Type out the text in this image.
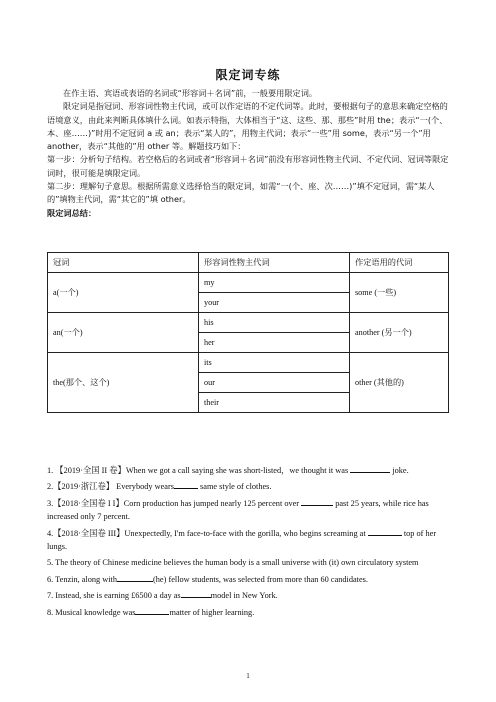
限定词专练

在作主语、宾语或表语的名词或“形容词＋名词”前，一般要用限定词。

限定词是指冠词、形容词性物主代词，或可以作定语的不定代词等。此时，要根据句子的意思来确定空格的语境意义，由此来判断具体填什么词。如表示特指，大体相当于“这、这些、那、那些”时用 the；表示“一(个、本、座……)”时用不定冠词 a 或 an；表示“某人的”，用物主代词；表示“一些”用 some，表示“另一个”用 another，表示“其他的”用 other 等。解题技巧如下：

第一步：分析句子结构。若空格后的名词或者“形容词＋名词”前没有形容词性物主代词、不定代词、冠词等限定词时，很可能是填限定词。

第二步：理解句子意思。根据所需意义选择恰当的限定词，如需“一(个、座、次……)”填不定冠词，需“某人的”填物主代词，需“其它的”填 other。

限定词总结：

冠词	形容词性物主代词	作定语用的代词
a(一个)	my	some (一些)
	your	
an(一个)	his	another (另一个)
	her	
the(那个、这个)	its	other (其他的)
	our	
	their	

1. 【2019·全国 II 卷】When we got a call saying she was short-listed，we thought it was	joke.

2.【2019·浙江卷】 Everybody wears	same style of clothes.

3.【2018·全国卷 I I】Corn production has jumped nearly 125 percent over	past 25 years, while rice has increased only 7 percent.

4.【2018·全国卷 III】Unexpectedly, I'm face-to-face with the gorilla, who begins screaming at	top of her lungs.

5. The theory of Chinese medicine believes the human body is a small universe with (it) own circulatory system

6. Tenzin, along with	(he) fellow students, was selected from more than 60 candidates.

7. Instead, she is earning £6500 a day as	model in New York.

8. Musical knowledge was	matter of higher learning.

1
